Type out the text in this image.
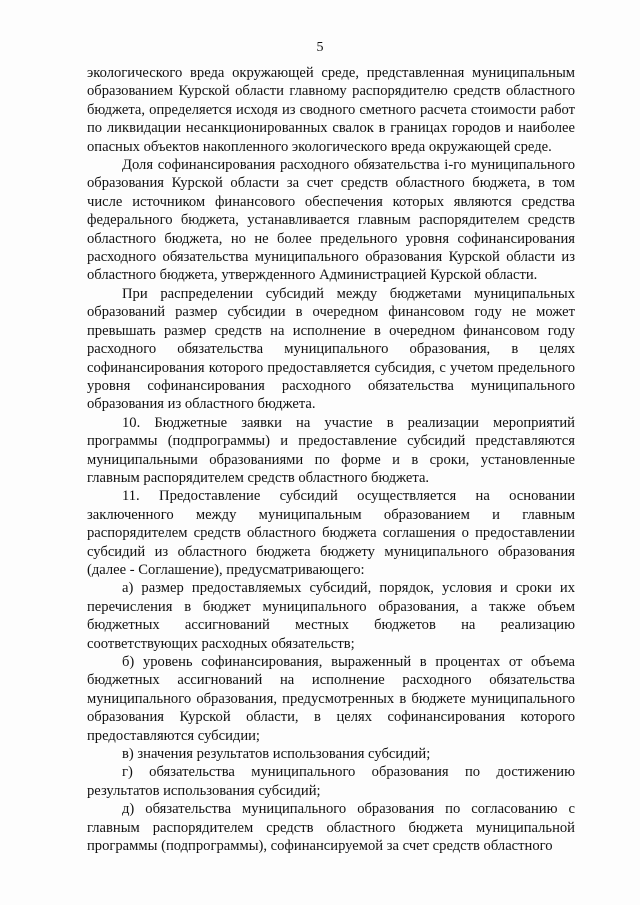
5

экологического вреда окружающей среде, представленная муниципальным образованием Курской области главному распорядителю средств областного бюджета, определяется исходя из сводного сметного расчета стоимости работ по ликвидации несанкционированных свалок в границах городов и наиболее опасных объектов накопленного экологического вреда окружающей среде.

Доля софинансирования расходного обязательства i-го муниципального образования Курской области за счет средств областного бюджета, в том числе источником финансового обеспечения которых являются средства федерального бюджета, устанавливается главным распорядителем средств областного бюджета, но не более предельного уровня софинансирования расходного обязательства муниципального образования Курской области из областного бюджета, утвержденного Администрацией Курской области.

При распределении субсидий между бюджетами муниципальных образований размер субсидии в очередном финансовом году не может превышать размер средств на исполнение в очередном финансовом году расходного обязательства муниципального образования, в целях софинансирования которого предоставляется субсидия, с учетом предельного уровня софинансирования расходного обязательства муниципального образования из областного бюджета.

10. Бюджетные заявки на участие в реализации мероприятий программы (подпрограммы) и предоставление субсидий представляются муниципальными образованиями по форме и в сроки, установленные главным распорядителем средств областного бюджета.

11. Предоставление субсидий осуществляется на основании заключенного между муниципальным образованием и главным распорядителем средств областного бюджета соглашения о предоставлении субсидий из областного бюджета бюджету муниципального образования (далее - Соглашение), предусматривающего:

а) размер предоставляемых субсидий, порядок, условия и сроки их перечисления в бюджет муниципального образования, а также объем бюджетных ассигнований местных бюджетов на реализацию соответствующих расходных обязательств;

б) уровень софинансирования, выраженный в процентах от объема бюджетных ассигнований на исполнение расходного обязательства муниципального образования, предусмотренных в бюджете муниципального образования Курской области, в целях софинансирования которого предоставляются субсидии;

в) значения результатов использования субсидий;

г) обязательства муниципального образования по достижению результатов использования субсидий;

д) обязательства муниципального образования по согласованию с главным распорядителем средств областного бюджета муниципальной программы (подпрограммы), софинансируемой за счет средств областного
